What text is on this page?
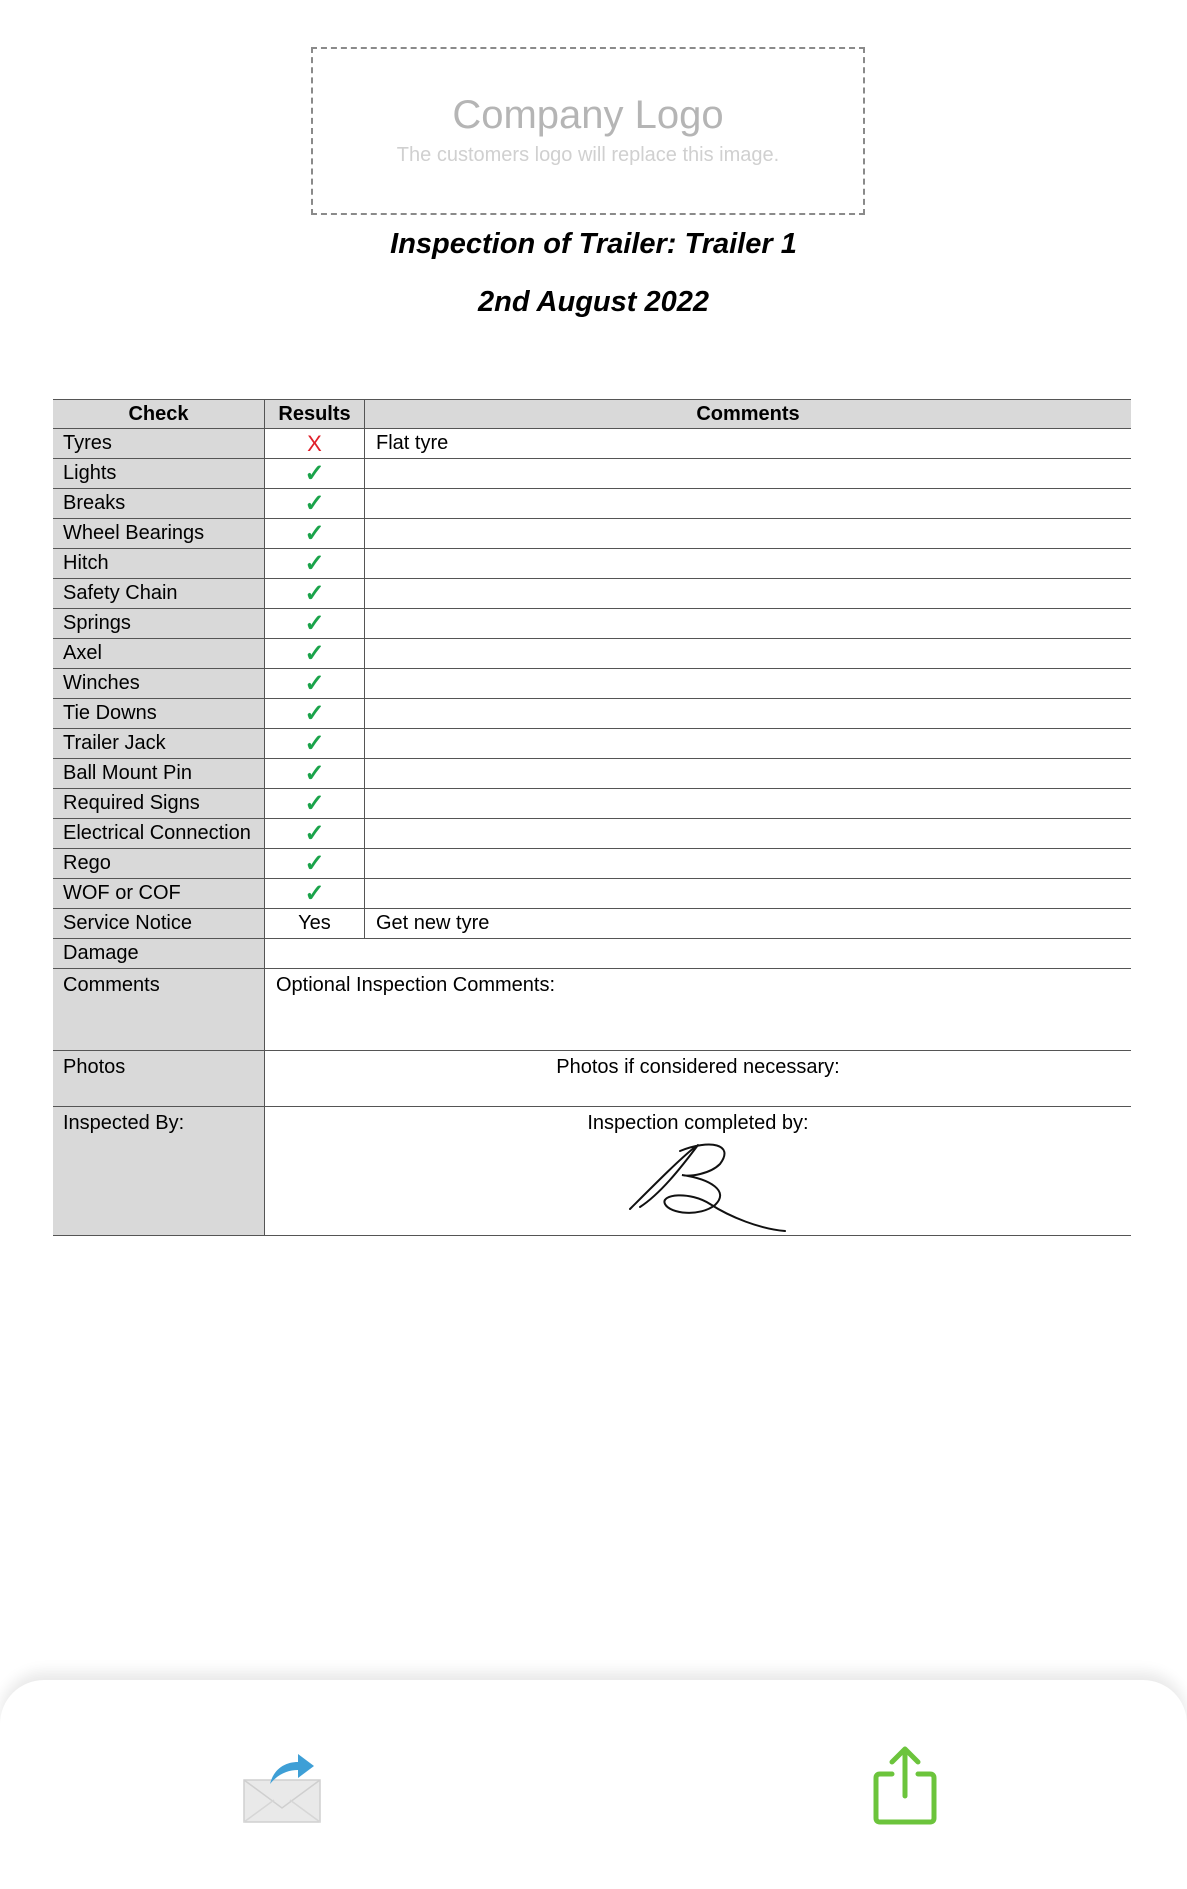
Company Logo
The customers logo will replace this image.
Inspection of Trailer: Trailer 1
2nd August 2022
Check	Results	Comments
Tyres	X	Flat tyre
Lights	✓	
Breaks	✓	
Wheel Bearings	✓	
Hitch	✓	
Safety Chain	✓	
Springs	✓	
Axel	✓	
Winches	✓	
Tie Downs	✓	
Trailer Jack	✓	
Ball Mount Pin	✓	
Required Signs	✓	
Electrical Connection	✓	
Rego	✓	
WOF or COF	✓	
Service Notice	Yes	Get new tyre
Damage		
Comments	Optional Inspection Comments:	
Photos	Photos if considered necessary:	
Inspected By:	Inspection completed by:	
